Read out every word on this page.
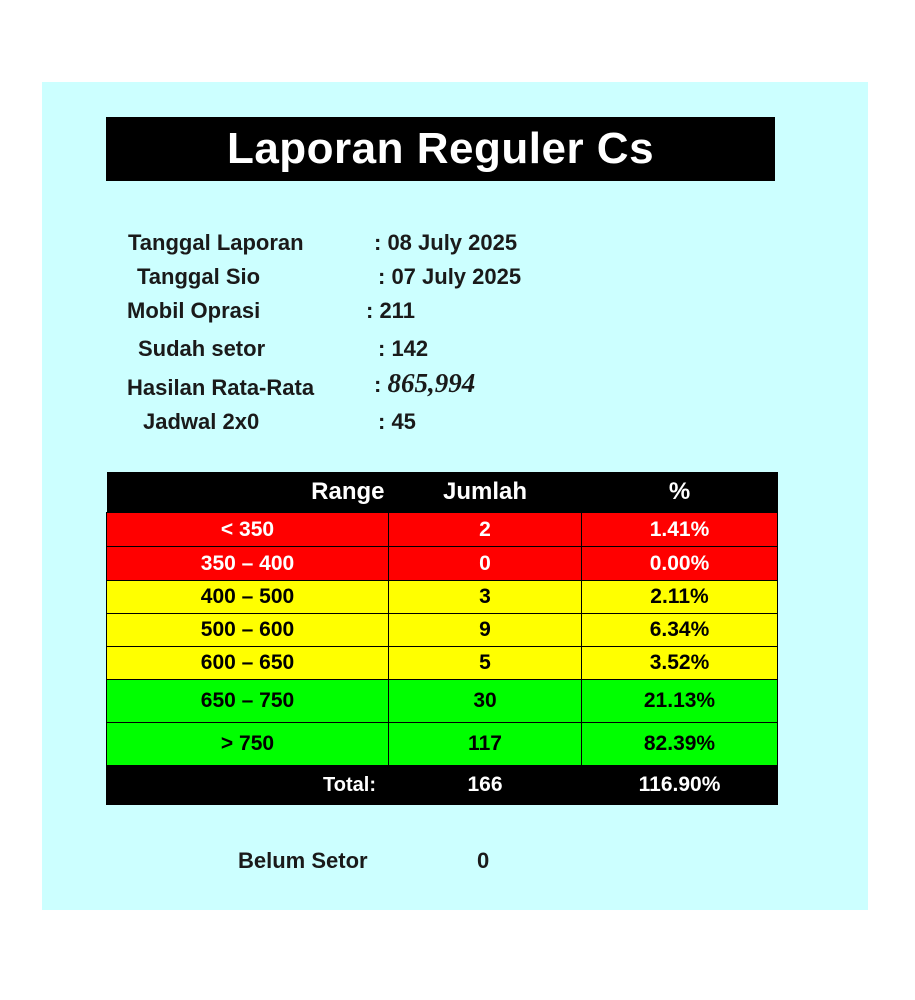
Laporan Reguler Cs
Tanggal Laporan	: 08 July 2025
Tanggal Sio	: 07 July 2025
Mobil Oprasi	: 211
Sudah setor	: 142
Hasilan Rata-Rata	: 865,994
Jadwal 2x0	: 45
Range	Jumlah	%
< 350	2	1.41%
350 – 400	0	0.00%
400 – 500	3	2.11%
500 – 600	9	6.34%
600 – 650	5	3.52%
650 – 750	30	21.13%
> 750	117	82.39%
Total:	166	116.90%
Belum Setor	0
